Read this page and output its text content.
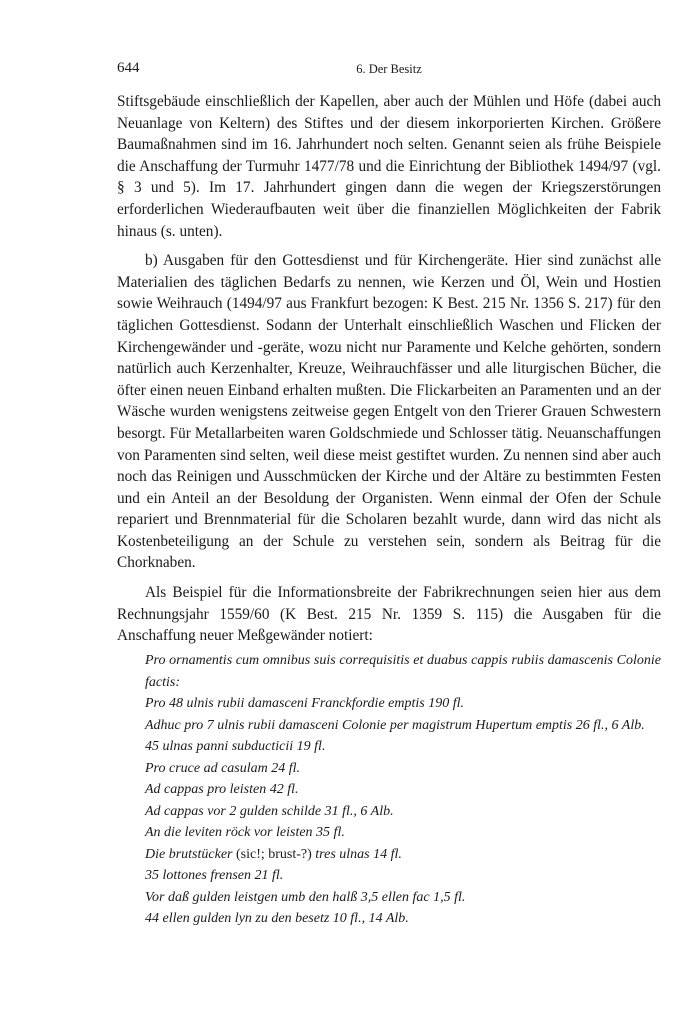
644	6. Der Besitz

Stiftsgebäude einschließlich der Kapellen, aber auch der Mühlen und Höfe (dabei auch Neuanlage von Keltern) des Stiftes und der diesem inkorporierten Kirchen. Größere Baumaßnahmen sind im 16. Jahrhundert noch selten. Genannt seien als frühe Beispiele die Anschaffung der Turmuhr 1477/78 und die Einrichtung der Bibliothek 1494/97 (vgl. § 3 und 5). Im 17. Jahrhundert gingen dann die wegen der Kriegszerstörungen erforderlichen Wiederaufbauten weit über die finanziellen Möglichkeiten der Fabrik hinaus (s. unten).

b) Ausgaben für den Gottesdienst und für Kirchengeräte. Hier sind zunächst alle Materialien des täglichen Bedarfs zu nennen, wie Kerzen und Öl, Wein und Hostien sowie Weihrauch (1494/97 aus Frankfurt bezogen: K Best. 215 Nr. 1356 S. 217) für den täglichen Gottesdienst. Sodann der Unterhalt einschließlich Waschen und Flicken der Kirchengewänder und -geräte, wozu nicht nur Paramente und Kelche gehörten, sondern natürlich auch Kerzenhalter, Kreuze, Weihrauchfässer und alle liturgischen Bücher, die öfter einen neuen Einband erhalten mußten. Die Flickarbeiten an Paramenten und an der Wäsche wurden wenigstens zeitweise gegen Entgelt von den Trierer Grauen Schwestern besorgt. Für Metallarbeiten waren Goldschmiede und Schlosser tätig. Neuanschaffungen von Paramenten sind selten, weil diese meist gestiftet wurden. Zu nennen sind aber auch noch das Reinigen und Ausschmücken der Kirche und der Altäre zu bestimmten Festen und ein Anteil an der Besoldung der Organisten. Wenn einmal der Ofen der Schule repariert und Brennmaterial für die Scholaren bezahlt wurde, dann wird das nicht als Kostenbeteiligung an der Schule zu verstehen sein, sondern als Beitrag für die Chorknaben.

Als Beispiel für die Informationsbreite der Fabrikrechnungen seien hier aus dem Rechnungsjahr 1559/60 (K Best. 215 Nr. 1359 S. 115) die Ausgaben für die Anschaffung neuer Meßgewänder notiert:

Pro ornamentis cum omnibus suis correquisitis et duabus cappis rubiis damascenis Colonie factis:
Pro 48 ulnis rubii damasceni Franckfordie emptis 190 fl.
Adhuc pro 7 ulnis rubii damasceni Colonie per magistrum Hupertum emptis 26 fl., 6 Alb.
45 ulnas panni subducticii 19 fl.
Pro cruce ad casulam 24 fl.
Ad cappas pro leisten 42 fl.
Ad cappas vor 2 gulden schilde 31 fl., 6 Alb.
An die leviten röck vor leisten 35 fl.
Die brutstücker (sic!; brust-?) tres ulnas 14 fl.
35 lottones frensen 21 fl.
Vor daß gulden leistgen umb den halß 3,5 ellen fac 1,5 fl.
44 ellen gulden lyn zu den besetz 10 fl., 14 Alb.
